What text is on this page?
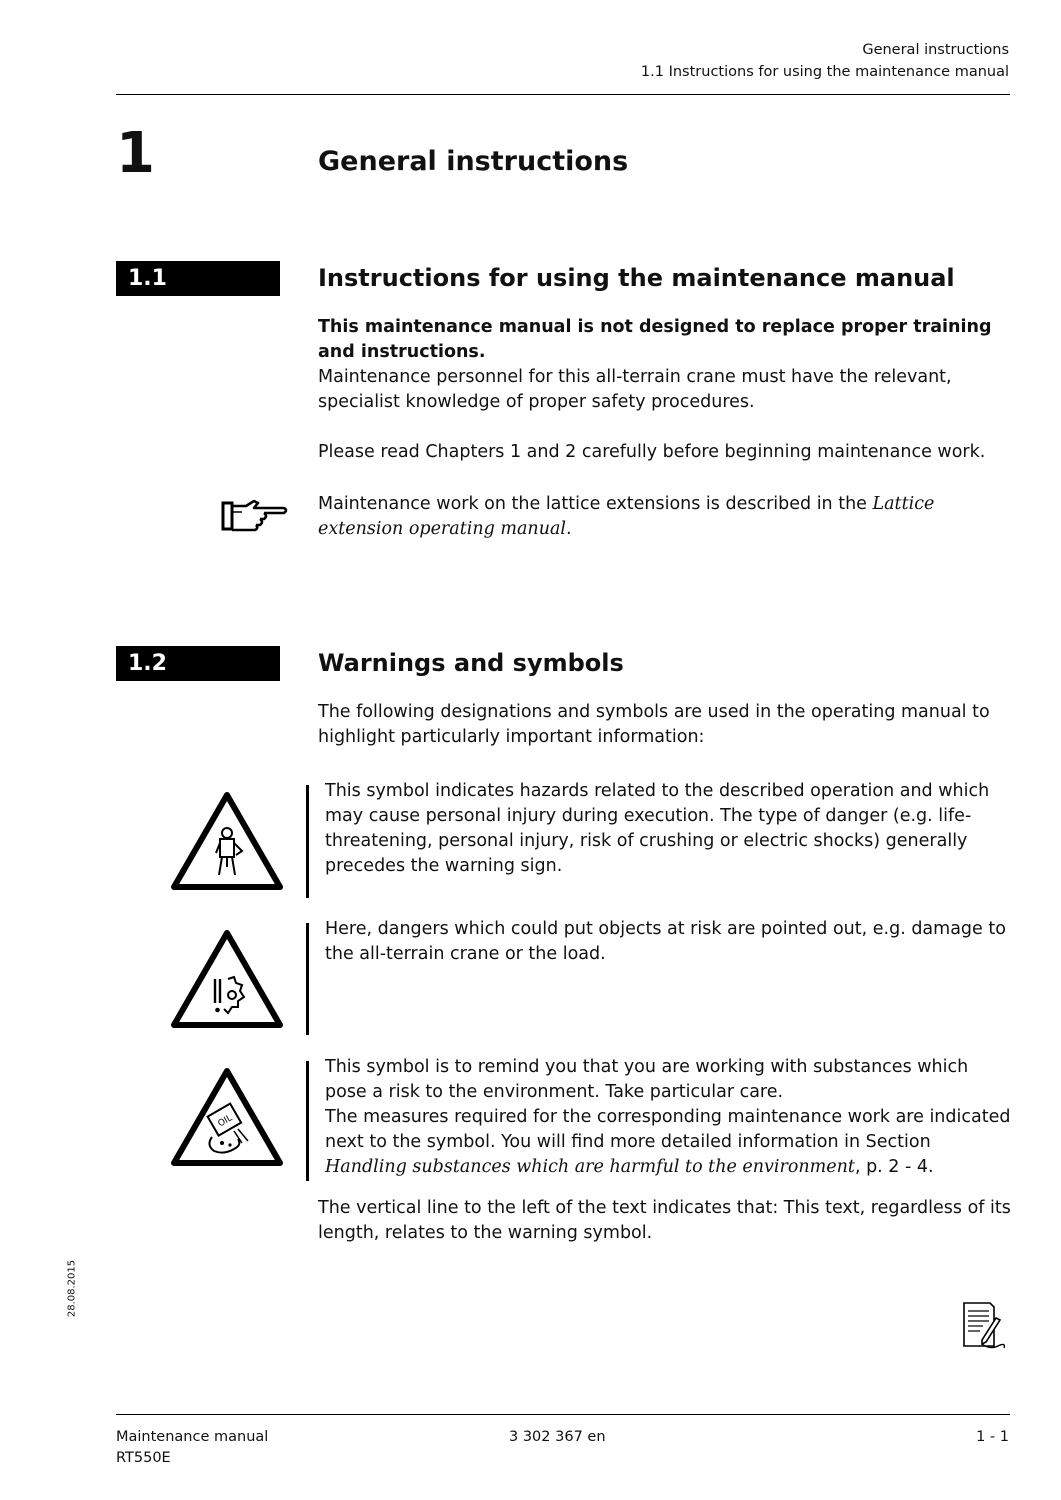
General instructions
1.1 Instructions for using the maintenance manual
1	General instructions
1.1	Instructions for using the maintenance manual
This maintenance manual is not designed to replace proper training and instructions.
Maintenance personnel for this all-terrain crane must have the relevant, specialist knowledge of proper safety procedures.
Please read Chapters 1 and 2 carefully before beginning maintenance work.
Maintenance work on the lattice extensions is described in the Lattice extension operating manual.
1.2	Warnings and symbols
The following designations and symbols are used in the operating manual to highlight particularly important information:
This symbol indicates hazards related to the described operation and which may cause personal injury during execution. The type of danger (e.g. life-threatening, personal injury, risk of crushing or electric shocks) generally precedes the warning sign.
Here, dangers which could put objects at risk are pointed out, e.g. damage to the all-terrain crane or the load.
OIL
This symbol is to remind you that you are working with substances which pose a risk to the environment. Take particular care.
The measures required for the corresponding maintenance work are indicated next to the symbol. You will find more detailed information in Section Handling substances which are harmful to the environment, p. 2 - 4.
The vertical line to the left of the text indicates that: This text, regardless of its length, relates to the warning symbol.
28.08.2015
Maintenance manual
RT550E
3 302 367 en	1 - 1
